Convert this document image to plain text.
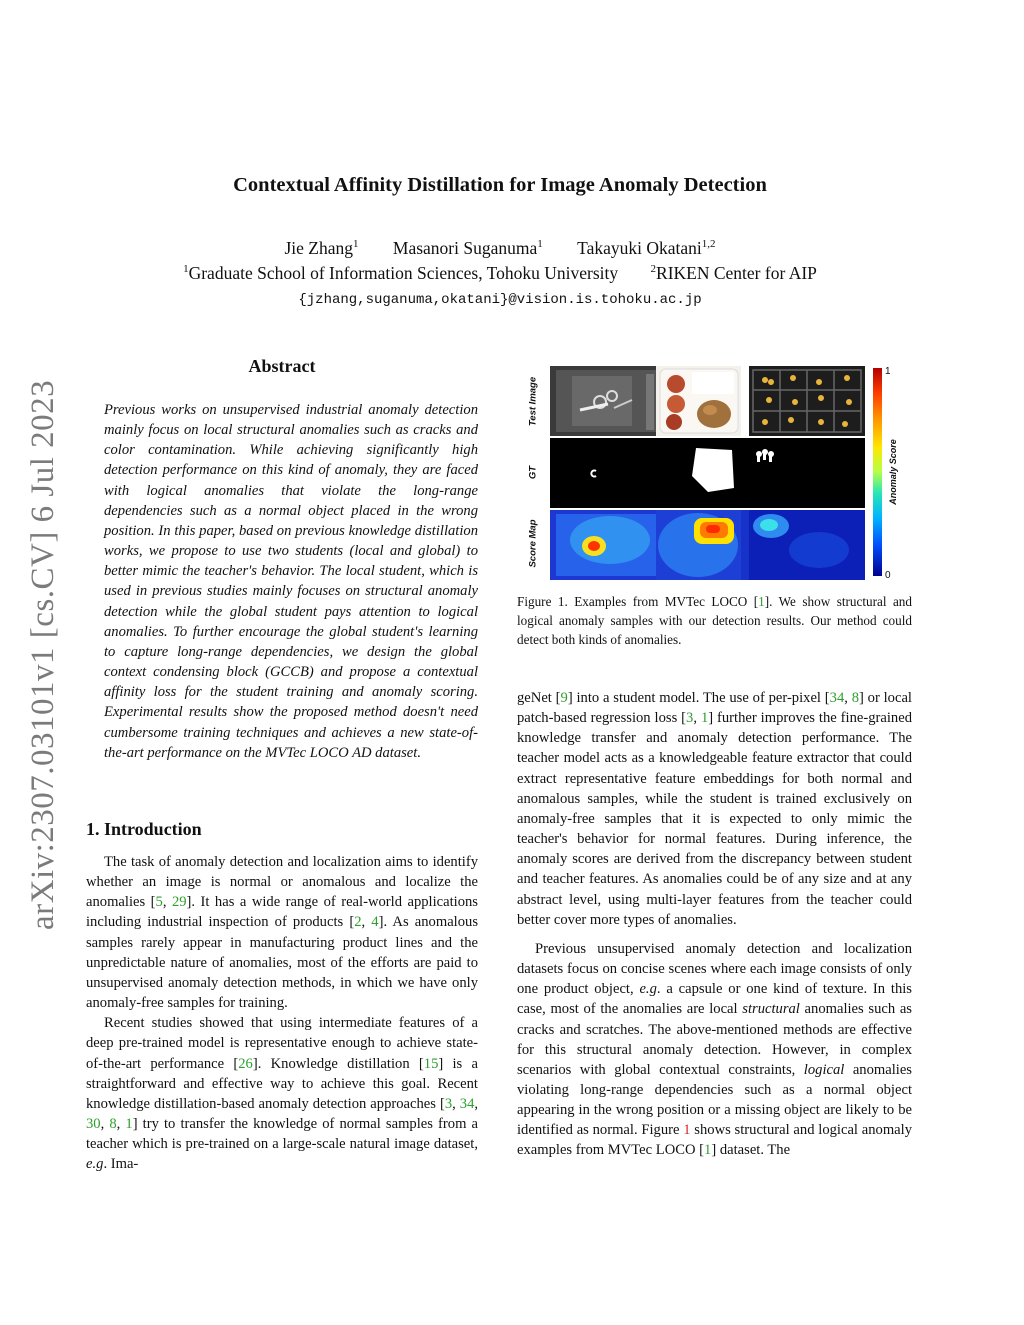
Contextual Affinity Distillation for Image Anomaly Detection
Jie Zhang$^1$ Masanori Suganuma$^1$ Takayuki Okatani$^{1,2}$
$^1$Graduate School of Information Sciences, Tohoku University	$^2$RIKEN Center for AIP
{jzhang,suganuma,okatani}@vision.is.tohoku.ac.jp
arXiv:2307.03101v1 [cs.CV] 6 Jul 2023
Abstract

Previous works on unsupervised industrial anomaly detection mainly focus on local structural anomalies such as cracks and color contamination. While achieving significantly high detection performance on this kind of anomaly, they are faced with logical anomalies that violate the long-range dependencies such as a normal object placed in the wrong position. In this paper, based on previous knowledge distillation works, we propose to use two students (local and global) to better mimic the teacher's behavior. The local student, which is used in previous studies mainly focuses on structural anomaly detection while the global student pays attention to logical anomalies. To further encourage the global student's learning to capture long-range dependencies, we design the global context condensing block (GCCB) and propose a contextual affinity loss for the student training and anomaly scoring. Experimental results show the proposed method doesn't need cumbersome training techniques and achieves a new state-of-the-art performance on the MVTec LOCO AD dataset.

1. Introduction

The task of anomaly detection and localization aims to identify whether an image is normal or anomalous and localize the anomalies [5, 29]. It has a wide range of real-world applications including industrial inspection of products [2, 4]. As anomalous samples rarely appear in manufacturing product lines and the unpredictable nature of anomalies, most of the efforts are paid to unsupervised anomaly detection methods, in which we have only anomaly-free samples for training.

Recent studies showed that using intermediate features of a deep pre-trained model is representative enough to achieve state-of-the-art performance [26]. Knowledge distillation [15] is a straightforward and effective way to achieve this goal. Recent knowledge distillation-based anomaly detection approaches [3, 34, 30, 8, 1] try to transfer the knowledge of normal samples from a teacher which is pre-trained on a large-scale natural image dataset, e.g. Ima-

Test Image
GT
Score Map
1
0
Anomaly Score
Figure 1. Examples from MVTec LOCO [1]. We show structural and logical anomaly samples with our detection results. Our method could detect both kinds of anomalies.

geNet [9] into a student model. The use of per-pixel [34, 8] or local patch-based regression loss [3, 1] further improves the fine-grained knowledge transfer and anomaly detection performance. The teacher model acts as a knowledgeable feature extractor that could extract representative feature embeddings for both normal and anomalous samples, while the student is trained exclusively on anomaly-free samples that it is expected to only mimic the teacher's behavior for normal features. During inference, the anomaly scores are derived from the discrepancy between student and teacher features. As anomalies could be of any size and at any abstract level, using multi-layer features from the teacher could better cover more types of anomalies.

Previous unsupervised anomaly detection and localization datasets focus on concise scenes where each image consists of only one product object, e.g. a capsule or one kind of texture. In this case, most of the anomalies are local structural anomalies such as cracks and scratches. The above-mentioned methods are effective for this structural anomaly detection. However, in complex scenarios with global contextual constraints, logical anomalies violating long-range dependencies such as a normal object appearing in the wrong position or a missing object are likely to be identified as normal. Figure 1 shows structural and logical anomaly examples from MVTec LOCO [1] dataset. The
